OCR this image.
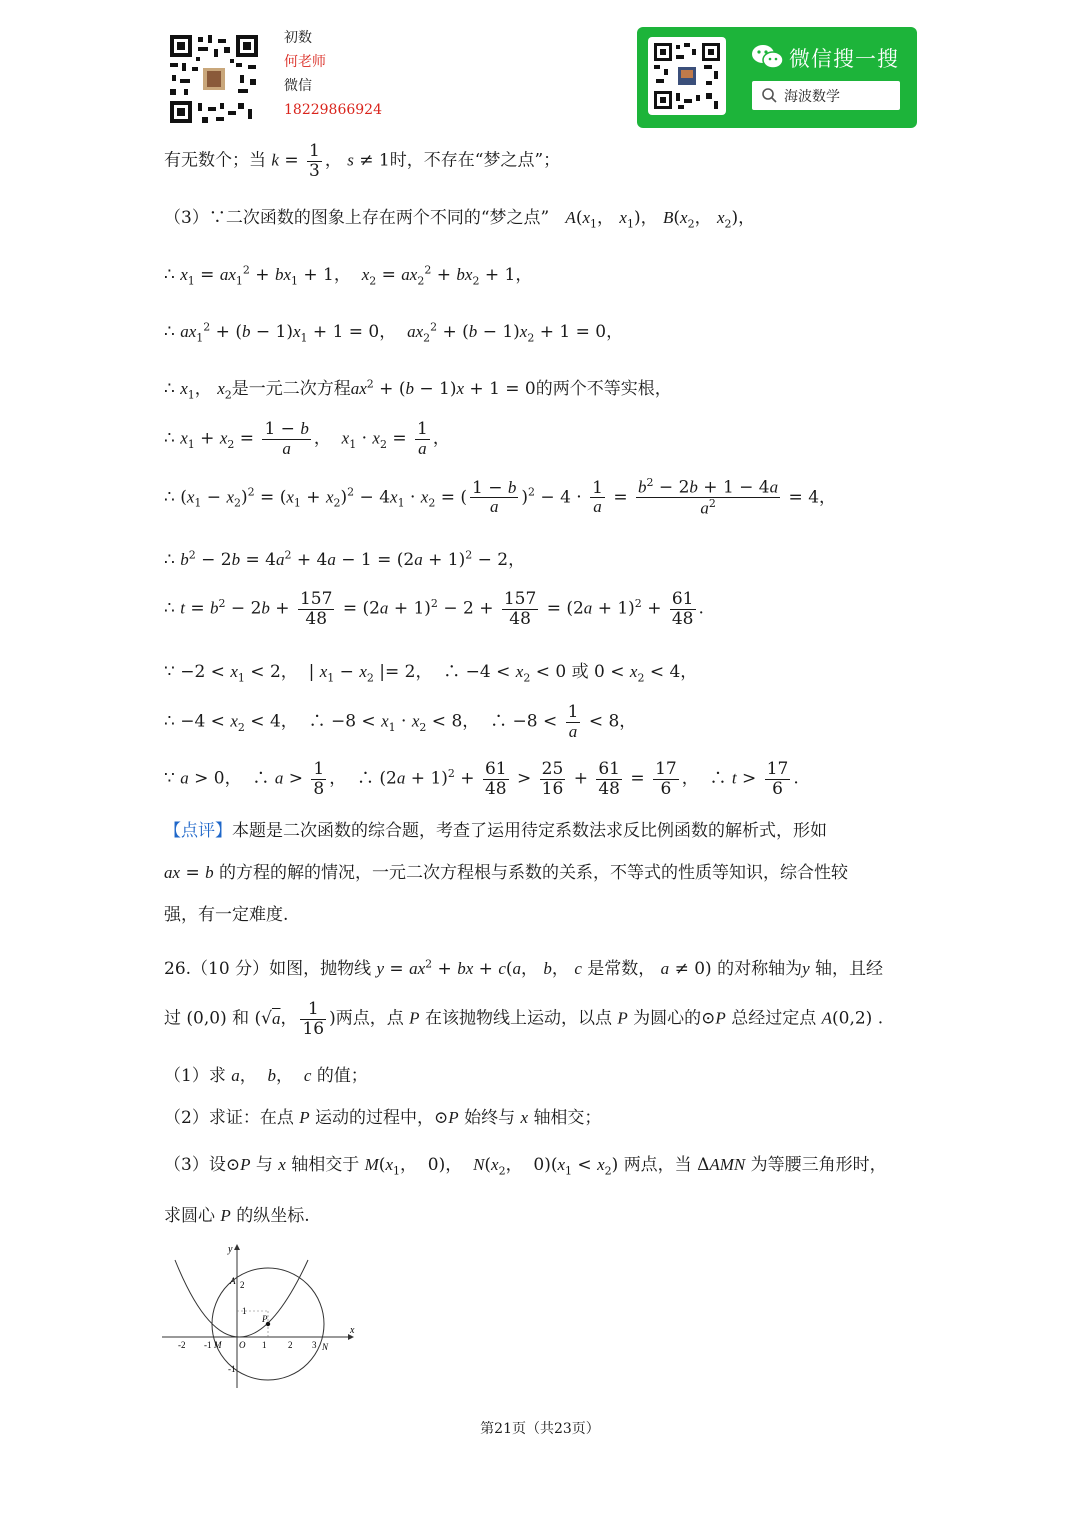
初数
何老师
微信
18229866924
微信搜一搜
海波数学
有无数个；当 $k = \frac{1}{3}$ ， s ≠ 1时，不存在“梦之点”；
（3）∵二次函数的图象上存在两个不同的“梦之点” $A(x_1$， $x_1$)， $B(x_2$， $x_2$)，
∴ $x_1 = ax_1^2 + bx_1 + 1$，  $x_2 = ax_2^2 + bx_2 + 1$，
∴ $ax_1^2 + (b - 1)x_1 + 1 = 0$，  $ax_2^2 + (b - 1)x_2 + 1 = 0$，
∴ $x_1$， $x_2$是一元二次方程$ax^2 + (b - 1)x + 1 = 0$的两个不等实根，
∴ $x_1 + x_2 = \frac{1 - b}{a}$ ，  $x_1 \cdot x_2 = \frac{1}{a}$ ，
∴ $(x_1 - x_2)^2 = (x_1 + x_2)^2 - 4x_1 \cdot x_2$ = ( $\frac{1 - b}{a} )^2 - 4 \cdot \frac{1}{a} = \frac{b^2 - 2b + 1 - 4a}{a^2} = 4$，
∴ $b^2 - 2b = 4a^2 + 4a - 1 = (2a + 1)^2 - 2$，
∴ $t = b^2 - 2b + \frac{157}{48} = (2a + 1)^2 - 2 + \frac{157}{48} = (2a + 1)^2 + \frac{61}{48}$ .
∵ $-2 < x_1 < 2$，  | $x_1 - x_2$ |= 2，  ∴ $-4 < x_2 < 0$ 或 $0 < x_2 < 4$，
∴ $-4 < x_2 < 4$，  ∴ $-8 < x_1 \cdot x_2 < 8$，  ∴ $-8 < \frac{1}{a} < 8$，
∵ a > 0，  ∴ $a > \frac{1}{8}$ ，  ∴ $(2a + 1)^2 + \frac{61}{48} > \frac{25}{16} + \frac{61}{48} = \frac{17}{6}$ ，  ∴ $t > \frac{17}{6}$ .
【点评】本题是二次函数的综合题，考查了运用待定系数法求反比例函数的解析式，形如
ax = b 的方程的解的情况，一元二次方程根与系数的关系，不等式的性质等知识，综合性较
强，有一定难度.
26.（10 分）如图，抛物线 $y = ax^2$ + bx + c(a， b， c 是常数， a ≠ 0) 的对称轴为y 轴，且经
过 (0,0) 和 (√a， $\frac{1}{16}$ )两点，点 P 在该抛物线上运动，以点 P 为圆心的⊙P 总经过定点 A(0,2) .
（1）求 a，  b，  c 的值；
（2）求证：在点 P 运动的过程中，⊙P 始终与 x 轴相交；
（3）设⊙P 与 x 轴相交于 $M(x_1$，  0)，  $N(x_2$，  $0)(x_1 < x_2)$ 两点，当 ΔAMN 为等腰三角形时，
求圆心 P 的纵坐标.
y
x
-2 -1	1 2 3
1
2
-1
A
P
M O	N
第21页（共23页）
